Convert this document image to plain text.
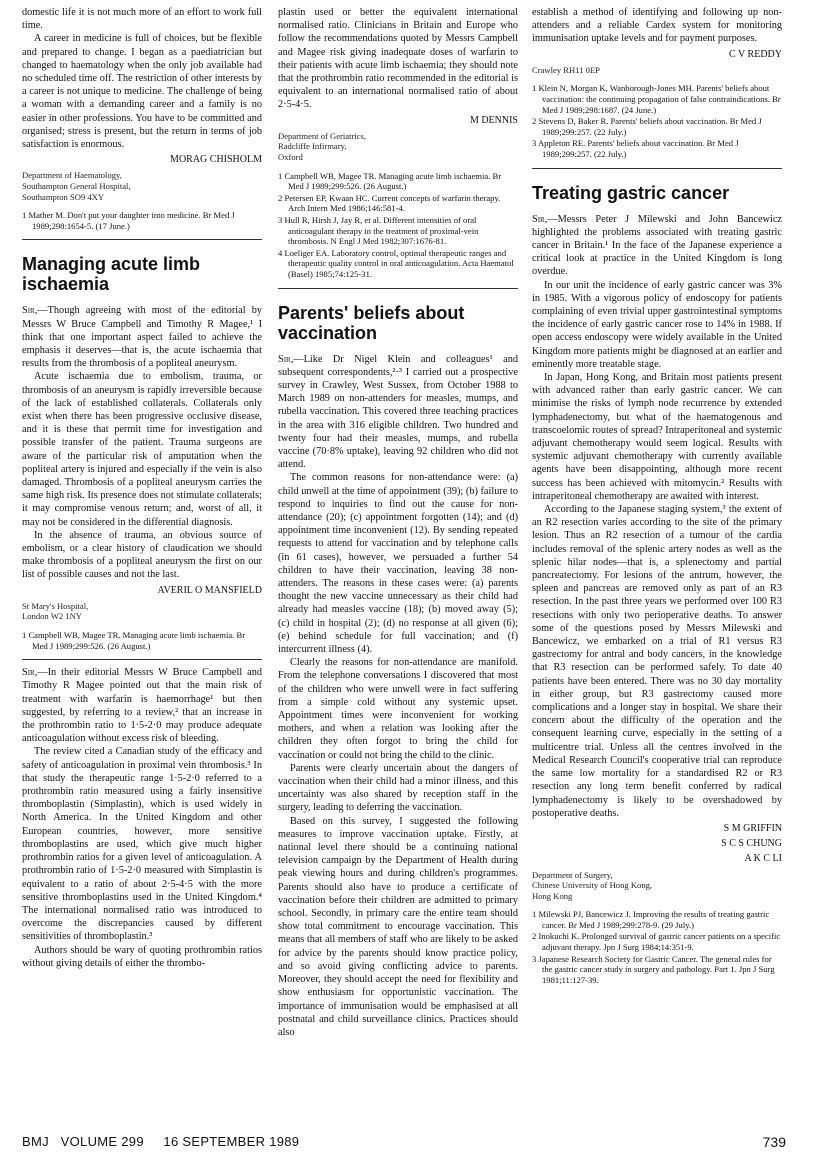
domestic life it is not much more of an effort to work full time.

A career in medicine is full of choices, but be flexible and prepared to change. I began as a paediatrician but changed to haematology when the only job available had no scheduled time off. The restriction of other interests by a career is not unique to medicine. The challenge of being a woman with a demanding career and a family is no easier in other professions. You have to be committed and organised; stress is present, but the return in terms of job satisfaction is enormous.

MORAG CHISHOLM
Department of Haematology,
Southampton General Hospital,
Southampton SO9 4XY
1 Mather M. Don't put your daughter into medicine. Br Med J 1989;298:1654-5. (17 June.)
Managing acute limb ischaemia

Sir,—Though agreeing with most of the editorial by Messrs W Bruce Campbell and Timothy R Magee,¹ I think that one important aspect failed to achieve the emphasis it deserves—that is, the acute ischaemia that results from the thrombosis of a popliteal aneurysm.

Acute ischaemia due to embolism, trauma, or thrombosis of an aneurysm is rapidly irreversible because of the lack of established collaterals. Collaterals only exist when there has been progressive occlusive disease, and it is these that permit time for investigation and possible transfer of the patient. Trauma surgeons are aware of the particular risk of amputation when the popliteal artery is injured and especially if the vein is also damaged. Thrombosis of a popliteal aneurysm carries the same high risk. Its presence does not stimulate collaterals; it may compromise venous return; and, worst of all, it may not be considered in the differential diagnosis.

In the absence of trauma, an obvious source of embolism, or a clear history of claudication we should make thrombosis of a popliteal aneurysm the first on our list of possible causes and not the last.

AVERIL O MANSFIELD
St Mary's Hospital,
London W2 1NY
1 Campbell WB, Magee TR. Managing acute limb ischaemia. Br Med J 1989;299:526. (26 August.)

Sir,—In their editorial Messrs W Bruce Campbell and Timothy R Magee pointed out that the main risk of treatment with warfarin is haemorrhage¹ but then suggested, by referring to a review,² that an increase in the prothrombin ratio to 1·5-2·0 may produce adequate anticoagulation without excess risk of bleeding.

The review cited a Canadian study of the efficacy and safety of anticoagulation in proximal vein thrombosis.³ In that study the therapeutic range 1·5-2·0 referred to a prothrombin ratio measured using a fairly insensitive thromboplastin (Simplastin), which is used widely in North America. In the United Kingdom and other European countries, however, more sensitive thromboplastins are used, which give much higher prothrombin ratios for a given level of anticoagulation. A prothrombin ratio of 1·5-2·0 measured with Simplastin is equivalent to a ratio of about 2·5-4·5 with the more sensitive thromboplastins used in the United Kingdom.⁴ The international normalised ratio was introduced to overcome the discrepancies caused by different sensitivities of thromboplastin.³

Authors should be wary of quoting prothrombin ratios without giving details of either the thrombo-

plastin used or better the equivalent international normalised ratio. Clinicians in Britain and Europe who follow the recommendations quoted by Messrs Campbell and Magee risk giving inadequate doses of warfarin to their patients with acute limb ischaemia; they should note that the prothrombin ratio recommended in the editorial is equivalent to an international normalised ratio of about 2·5-4·5.

M DENNIS
Department of Geriatrics,
Radcliffe Infirmary,
Oxford
1 Campbell WB, Magee TR. Managing acute limb ischaemia. Br Med J 1989;299:526. (26 August.)
2 Petersen EP, Kwaan HC. Current concepts of warfarin therapy. Arch Intern Med 1986;146:581-4.
3 Hull R, Hirsh J, Jay R, et al. Different intensities of oral anticoagulant therapy in the treatment of proximal-vein thrombosis. N Engl J Med 1982;307:1676-81.
4 Loeliger EA. Laboratory control, optimal therapeutic ranges and therapeutic quality control in oral anticoagulation. Acta Haematol (Basel) 1985;74:125-31.
Parents' beliefs about vaccination

Sir,—Like Dr Nigel Klein and colleagues¹ and subsequent correspondents,²·³ I carried out a prospective survey in Crawley, West Sussex, from October 1988 to March 1989 on non-attenders for measles, mumps, and rubella vaccination. This covered three teaching practices in the area with 316 eligible children. Two hundred and twenty four had their measles, mumps, and rubella vaccine (70·8% uptake), leaving 92 children who did not attend.

The common reasons for non-attendance were: (a) child unwell at the time of appointment (39); (b) failure to respond to inquiries to find out the cause for non-attendance (20); (c) appointment forgotten (14); and (d) appointment time inconvenient (12). By sending repeated requests to attend for vaccination and by telephone calls (in 61 cases), however, we persuaded a further 54 children to have their vaccination, leaving 38 non-attenders. The reasons in these cases were: (a) parents thought the new vaccine unnecessary as their child had already had measles vaccine (18); (b) moved away (5); (c) child in hospital (2); (d) no response at all given (6); (e) behind schedule for full vaccination; and (f) intercurrent illness (4).

Clearly the reasons for non-attendance are manifold. From the telephone conversations I discovered that most of the children who were unwell were in fact suffering from a simple cold without any systemic upset. Appointment times were inconvenient for working mothers, and when a relation was looking after the children they often forgot to bring the child for vaccination or could not bring the child to the clinic.

Parents were clearly uncertain about the dangers of vaccination when their child had a minor illness, and this uncertainty was also shared by reception staff in the surgery, leading to deferring the vaccination.

Based on this survey, I suggested the following measures to improve vaccination uptake. Firstly, at national level there should be a continuing national television campaign by the Department of Health during peak viewing hours and during children's programmes. Parents should also have to produce a certificate of vaccination before their children are admitted to primary school. Secondly, in primary care the entire team should show total commitment to encourage vaccination. This means that all members of staff who are likely to be asked for advice by the parents should know practice policy, and so avoid giving conflicting advice to parents. Moreover, they should accept the need for flexibility and show enthusiasm for opportunistic vaccination. The importance of immunisation would be emphasised at all postnatal and child surveillance clinics. Practices should also

establish a method of identifying and following up non-attenders and a reliable Cardex system for monitoring immunisation uptake levels and for payment purposes.

C V REDDY
Crawley RH11 0EP
1 Klein N, Morgan K, Wanborough-Jones MH. Parents' beliefs about vaccination: the continuing propagation of false contraindications. Br Med J 1989;298:1687. (24 June.)
2 Stevens D, Baker R. Parents' beliefs about vaccination. Br Med J 1989;299:257. (22 July.)
3 Appleton RE. Parents' beliefs about vaccination. Br Med J 1989;299:257. (22 July.)
Treating gastric cancer

Sir,—Messrs Peter J Milewski and John Bancewicz highlighted the problems associated with treating gastric cancer in Britain.¹ In the face of the Japanese experience a critical look at practice in the United Kingdom is long overdue.

In our unit the incidence of early gastric cancer was 3% in 1985. With a vigorous policy of endoscopy for patients complaining of even trivial upper gastrointestinal symptoms the incidence of early gastric cancer rose to 14% in 1988. If open access endoscopy were widely available in the United Kingdom more patients might be diagnosed at an earlier and eminently more treatable stage.

In Japan, Hong Kong, and Britain most patients present with advanced rather than early gastric cancer. We can minimise the risks of lymph node recurrence by extended lymphadenectomy, but what of the haematogenous and transcoelomic routes of spread? Intraperitoneal and systemic adjuvant chemotherapy would seem logical. Results with systemic adjuvant chemotherapy with currently available agents have been disappointing, although more recent success has been achieved with mitomycin.² Results with intraperitoneal chemotherapy are awaited with interest.

According to the Japanese staging system,³ the extent of an R2 resection varies according to the site of the primary lesion. Thus an R2 resection of a tumour of the cardia includes removal of the splenic artery nodes as well as the splenic hilar nodes—that is, a splenectomy and partial pancreatectomy. For lesions of the antrum, however, the spleen and pancreas are removed only as part of an R3 resection. In the past three years we performed over 100 R3 resections with only two perioperative deaths. To answer some of the questions posed by Messrs Milewski and Bancewicz, we embarked on a trial of R1 versus R3 gastrectomy for antral and body cancers, in the knowledge that R3 resection can be performed safely. To date 40 patients have been entered. There was no 30 day mortality in either group, but R3 gastrectomy caused more complications and a longer stay in hospital. We share their concern about the difficulty of the operation and the consequent learning curve, especially in the setting of a multicentre trial. Unless all the centres involved in the Medical Research Council's cooperative trial can reproduce the same low mortality for a standardised R2 or R3 resection any long term benefit conferred by radical lymphadenectomy is likely to be overshadowed by postoperative deaths.

S M GRIFFIN
S C S CHUNG
A K C LI
Department of Surgery,
Chinese University of Hong Kong,
Hong Kong
1 Milewski PJ, Bancewicz J. Improving the results of treating gastric cancer. Br Med J 1989;299:278-9. (29 July.)
2 Inokuchi K. Prolonged survival of gastric cancer patients on a specific adjuvant therapy. Jpn J Surg 1984;14:351-9.
3 Japanese Research Society for Gastric Cancer. The general rules for the gastric cancer study in surgery and pathology. Part 1. Jpn J Surg 1981;11:127-39.
BMJ VOLUME 299 16 SEPTEMBER 1989	739
